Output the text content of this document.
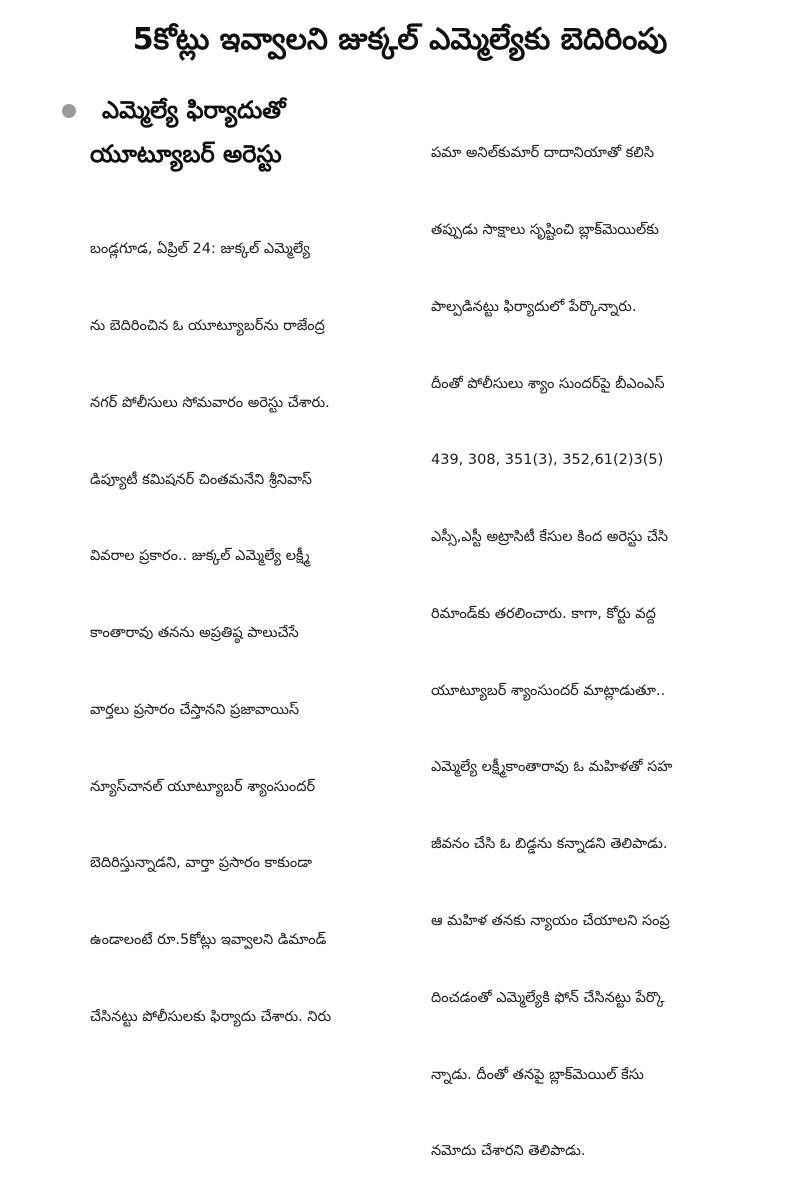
5కోట్లు ఇవ్వాలని జుక్కల్ ఎమ్మెల్యేకు బెదిరింపు
ఎమ్మెల్యే ఫిర్యాదుతో
యూట్యూబర్ అరెస్టు

బండ్లగూడ, ఏప్రిల్ 24: జుక్కల్ ఎమ్మెల్యే

ను బెదిరించిన ఓ యూట్యూబర్‌ను రాజేంద్ర

నగర్ పోలీసులు సోమవారం అరెస్టు చేశారు.

డిప్యూటీ కమిషనర్ చింతమనేని శ్రీనివాస్

వివరాల ప్రకారం.. జుక్కల్ ఎమ్మెల్యే లక్ష్మీ

కాంతారావు తనను అప్రతిష్ఠ పాలుచేసే

వార్తలు ప్రసారం చేస్తానని ప్రజావాయిస్

న్యూస్‌చానల్ యూట్యూబర్ శ్యాంసుందర్

బెదిరిస్తున్నాడని, వార్తా ప్రసారం కాకుండా

ఉండాలంటే రూ.5కోట్లు ఇవ్వాలని డిమాండ్

చేసినట్టు పోలీసులకు ఫిర్యాదు చేశారు. నిరు

పమా అనిల్‌కుమార్ దాదానియాతో కలిసి

తప్పుడు సాక్షాలు సృష్టించి బ్లాక్‌మెయిల్‌కు

పాల్పడినట్టు ఫిర్యాదులో పేర్కొన్నారు.

దీంతో పోలీసులు శ్యాం సుందర్‌పై బీఎంఎస్

439, 308, 351(3), 352,61(2)3(5)

ఎస్సీ,ఎస్టీ అట్రాసిటీ కేసుల కింద అరెస్టు చేసి

రిమాండ్‌కు తరలించారు. కాగా, కోర్టు వద్ద

యూట్యూబర్ శ్యాంసుందర్ మాట్లాడుతూ..

ఎమ్మెల్యే లక్ష్మీకాంతారావు ఓ మహిళతో సహ

జీవనం చేసి ఓ బిడ్డను కన్నాడని తెలిపాడు.

ఆ మహిళ తనకు న్యాయం చేయాలని సంప్ర

దించడంతో ఎమ్మెల్యేకి ఫోన్ చేసినట్టు పేర్కొ

న్నాడు. దీంతో తనపై బ్లాక్‌మెయిల్ కేసు

నమోదు చేశారని తెలిపాడు.
